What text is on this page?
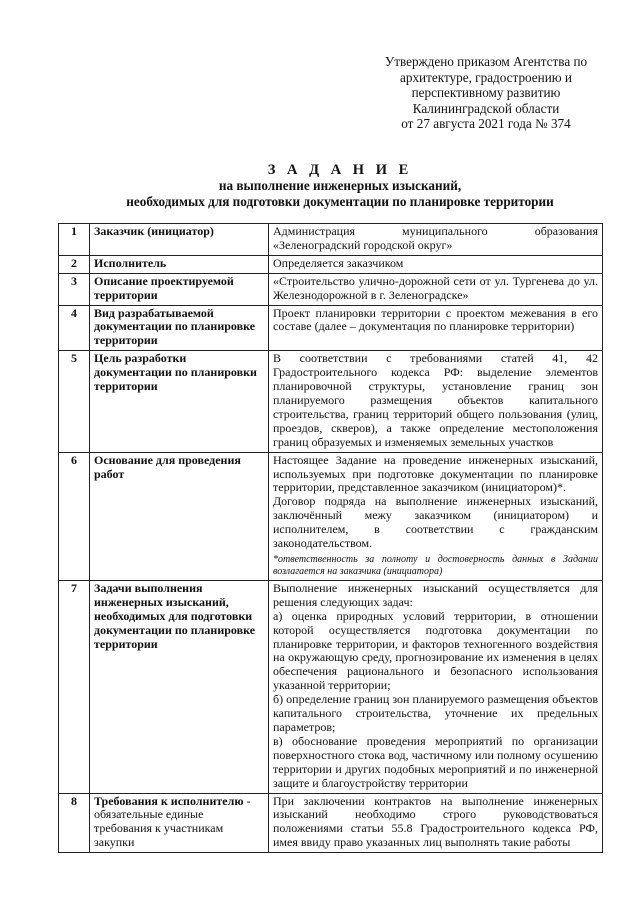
Утверждено приказом Агентства по
архитектуре, градостроению и
перспективному развитию
Калининградской области
от 27 августа 2021 года № 374
З А Д А Н И Е
на выполнение инженерных изысканий,
необходимых для подготовки документации по планировке территории
1	Заказчик (инициатор)	Администрация муниципального образования «Зеленоградский городской округ»

2	Исполнитель	Определяется заказчиком

3	Описание проектируемой территории	«Строительство улично-дорожной сети от ул. Тургенева до ул. Железнодорожной в г. Зеленоградске»

4	Вид разрабатываемой документации по планировке территории	Проект планировки территории с проектом межевания в его составе (далее – документация по планировке территории)

5	Цель разработки документации по планировки территории	В соответствии с требованиями статей 41, 42 Градостроительного кодекса РФ: выделение элементов планировочной структуры, установление границ зон планируемого размещения объектов капитального строительства, границ территорий общего пользования (улиц, проездов, скверов), а также определение местоположения границ образуемых и изменяемых земельных участков

6	Основание для проведения работ	Настоящее Задание на проведение инженерных изысканий, используемых при подготовке документации по планировке территории, представленное заказчиком (инициатором)*.

Договор подряда на выполнение инженерных изысканий, заключённый межу заказчиком (инициатором) и исполнителем, в соответствии с гражданским законодательством.

*ответственность за полноту и достоверность данных в Задании возлагается на заказчика (инициатора)

7	Задачи выполнения инженерных изысканий, необходимых для подготовки документации по планировке территории	Выполнение инженерных изысканий осуществляется для решения следующих задач:

а) оценка природных условий территории, в отношении которой осуществляется подготовка документации по планировке территории, и факторов техногенного воздействия на окружающую среду, прогнозирование их изменения в целях обеспечения рационального и безопасного использования указанной территории;

б) определение границ зон планируемого размещения объектов капитального строительства, уточнение их предельных параметров;

в) обоснование проведения мероприятий по организации поверхностного стока вод, частичному или полному осушению территории и других подобных мероприятий и по инженерной защите и благоустройству территории

8	Требования к исполнителю - обязательные единые требования к участникам закупки	При заключении контрактов на выполнение инженерных изысканий необходимо строго руководствоваться положениями статьи 55.8 Градостроительного кодекса РФ, имея ввиду право указанных лиц выполнять такие работы
